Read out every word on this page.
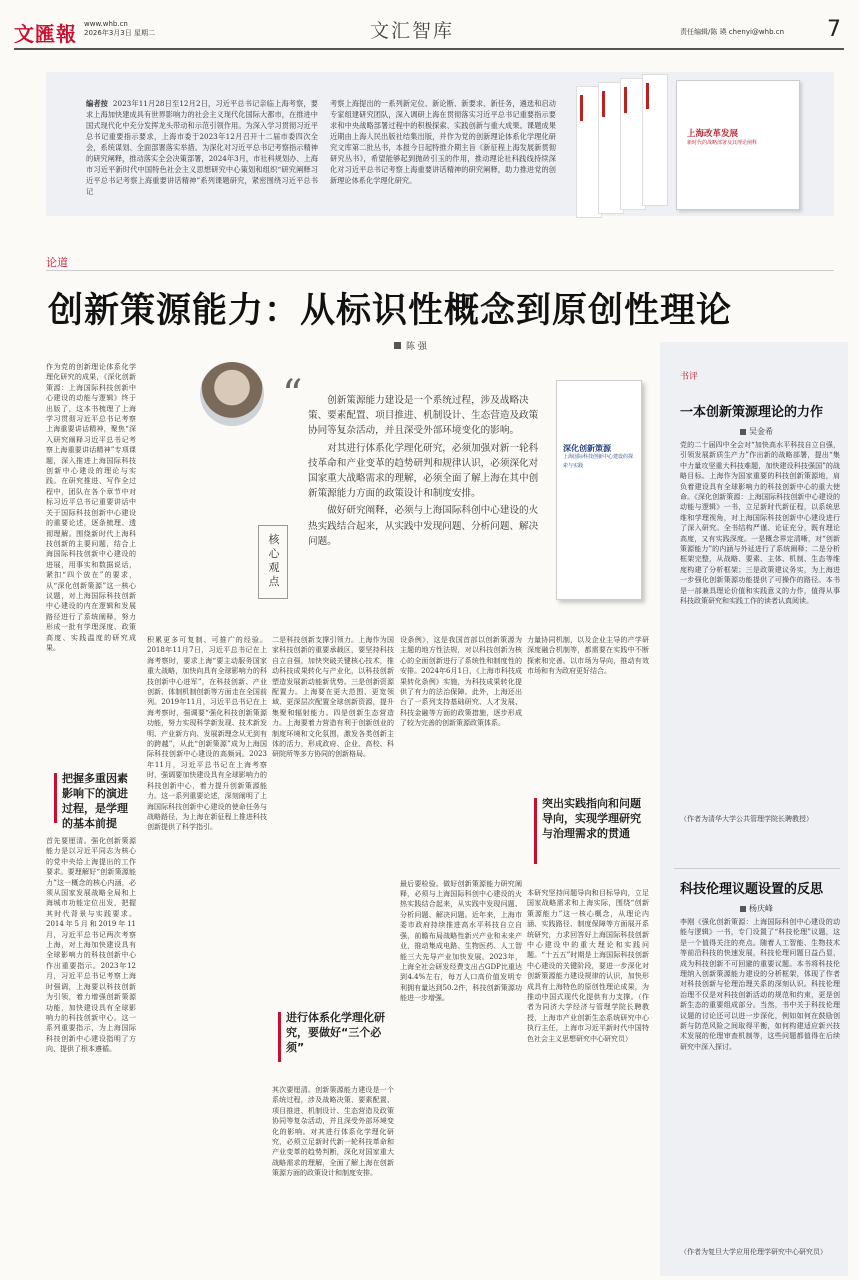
文匯報 www.whb.cn
2026年3月3日 星期二	文汇智库	责任编辑/陈 瑛 chenyi@whb.cn 7
编者按 2023年11月28日至12月2日，习近平总书记亲临上海考察，要求上海加快建成具有世界影响力的社会主义现代化国际大都市，在推进中国式现代化中充分发挥龙头带动和示范引领作用。为深入学习贯彻习近平总书记重要指示要求，上海市委于2023年12月召开十二届市委四次全会，系统谋划、全面部署落实举措。为深化对习近平总书记考察指示精神的研究阐释，推动落实全会决策部署，2024年3月，市社科规划办、上海市习近平新时代中国特色社会主义思想研究中心策划和组织“研究阐释习近平总书记考察上海重要讲话精神”系列课题研究，紧密围绕习近平总书记
考察上海提出的一系列新定位、新论断、新要求、新任务，遴选和启动专家组建研究团队，深入调研上海在贯彻落实习近平总书记重要指示要求和中央战略部署过程中的积极探索、实践创新与重大成果。课题成果近期由上海人民出版社结集出版，并作为党的创新理论体系化学理化研究文库第二批丛书，本报今日起特推介期主旨《新征程上海发展新贯彻研究丛书》，希望能够起到抛砖引玉的作用，推动理论社科践线持续深化对习近平总书记考察上海重要讲话精神的研究阐释，助力推进党的创新理论体系化学理化研究。
上海改革发展
新时代的战略部署及其理论阐释
论道
创新策源能力：从标识性概念到原创性理论
陈 强
核心观点
“	创新策源能力建设是一个系统过程，涉及战略决策、要素配置、项目推进、机制设计、生态营造及政策协同等复杂活动，并且深受外部环境变化的影响。

对其进行体系化学理化研究，必须加强对新一轮科技革命和产业变革的趋势研判和规律认识，必须深化对国家重大战略需求的理解，必须全面了解上海在其中创新策源能力方面的政策设计和制度安排。

做好研究阐释，必须与上海国际科创中心建设的火热实践结合起来，从实践中发现问题、分析问题、解决问题。

深化创新策源
上海国际科技创新中心建设的探索与实践
作为党的创新理论体系化学理化研究的成果，《深化创新策源：上海国际科技创新中心建设的动能与逻辑》终于出版了，这本书梳理了上海学习贯彻习近平总书记考察上海重要讲话精神，聚焦“深入研究阐释习近平总书记考察上海重要讲话精神”专项课题，深入推进上海国际科技创新中心建设的理论与实践。在研究推进、写作全过程中，团队在各个章节中对标习近平总书记重要讲话中关于国际科技创新中心建设的重要论述，逐条梳理、透彻理解。围绕新时代上海科技创新的主要问题，结合上海国际科技创新中心建设的进展，用事实和数据说话，紧扣“四个放在”的要求，从“深化创新策源”这一核心议题，对上海国际科技创新中心建设的内在逻辑和发展路径进行了系统阐释，努力形成一批有学理深度、政策高度、实践温度的研究成果。
把握多重因素影响下的演进过程，是学理的基本前提
首先要厘清。强化创新策源能力是以习近平同志为核心的党中央给上海提出的工作要求。要理解好“创新策源能力”这一概念的核心内涵，必须从国家发展战略全局和上海城市功能定位出发，把握其时代背景与实践要求。2014年5月和2019年11月，习近平总书记两次考察上海，对上海加快建设具有全球影响力的科技创新中心作出重要指示。2023年12月，习近平总书记考察上海时强调，上海要以科技创新为引领，着力增强创新策源功能，加快建设具有全球影响力的科技创新中心。这一系列重要指示，为上海国际科技创新中心建设指明了方向、提供了根本遵循。
积累更多可复制、可推广的经验。2018年11月7日，习近平总书记在上海考察时，要求上海“要主动服务国家重大战略，加快向具有全球影响力的科技创新中心进军”，在科技创新、产业创新、体制机制创新等方面走在全国前列。2019年11月，习近平总书记在上海考察时，强调要“强化科技创新策源功能，努力实现科学新发现、技术新发明、产业新方向、发展新理念从无到有的跨越”，从此“创新策源”成为上海国际科技创新中心建设的高频词。2023年11月，习近平总书记在上海考察时，强调要加快建设具有全球影响力的科技创新中心，着力提升创新策源能力。这一系列重要论述，深刻阐明了上海国际科技创新中心建设的使命任务与战略路径，为上海在新征程上推进科技创新提供了科学指引。
二是科技创新支撑引领力。上海作为国家科技创新的重要承载区，要坚持科技自立自强，加快突破关键核心技术，推动科技成果转化与产业化，以科技创新塑造发展新动能新优势。三是创新资源配置力。上海要在更大范围、更宽领域、更深层次配置全球创新资源，提升集聚和辐射能力。四是创新生态营造力。上海要着力营造有利于创新创业的制度环境和文化氛围，激发各类创新主体的活力，形成政府、企业、高校、科研院所等多方协同的创新格局。
进行体系化学理化研究，要做好“三个必须”
其次要厘清。创新策源能力建设是一个系统过程，涉及战略决策、要素配置、项目推进、机制设计、生态营造及政策协同等复杂活动，并且深受外部环境变化的影响。对其进行体系化学理化研究，必须立足新时代新一轮科技革命和产业变革的趋势判断，深化对国家重大战略需求的理解，全面了解上海在创新策源方面的政策设计和制度安排。
设条例》，这是我国首部以创新策源为主题的地方性法规，对以科技创新为核心的全面创新进行了系统性和制度性的安排。2024年6月1日，《上海市科技成果转化条例》实施，为科技成果转化提供了有力的法治保障。此外，上海还出台了一系列支持基础研究、人才发展、科技金融等方面的政策措施，逐步形成了较为完善的创新策源政策体系。
最后要检验。做好创新策源能力研究阐释，必须与上海国际科创中心建设的火热实践结合起来，从实践中发现问题、分析问题、解决问题。近年来，上海市委市政府持续推进高水平科技自立自强，前瞻布局战略性新兴产业和未来产业，推动集成电路、生物医药、人工智能三大先导产业加快发展。2023年，上海全社会研发经费支出占GDP比重达到4.4%左右，每万人口高价值发明专利拥有量达到50.2件，科技创新策源功能进一步增强。
突出实践指向和问题导向，实现学理研究与治理需求的贯通
力量协同机制，以及企业主导的产学研深度融合机制等，都需要在实践中不断探索和完善。以市场为导向，推动有效市场和有为政府更好结合。
本研究坚持问题导向和目标导向，立足国家战略需求和上海实际，围绕“创新策源能力”这一核心概念，从理论内涵、实践路径、制度保障等方面展开系统研究，力求回答好上海国际科技创新中心建设中的重大理论和实践问题。“十五五”时期是上海国际科技创新中心建设的关键阶段，要进一步深化对创新策源能力建设规律的认识，加快形成具有上海特色的原创性理论成果，为推动中国式现代化提供有力支撑。（作者为同济大学经济与管理学院长聘教授，上海市产业创新生态系统研究中心执行主任，上海市习近平新时代中国特色社会主义思想研究中心研究员）
书评
一本创新策源理论的力作
吴金希
党的二十届四中全会对“加快高水平科技自立自强，引领发展新质生产力”作出新的战略部署，提出“集中力量攻坚重大科技难题，加快建设科技强国”的战略目标。上海作为国家重要的科技创新策源地，肩负着建设具有全球影响力的科技创新中心的重大使命。《深化创新策源：上海国际科技创新中心建设的动能与逻辑》一书，立足新时代新征程，以系统思维和学理视角，对上海国际科技创新中心建设进行了深入研究。全书结构严谨、论证充分，既有理论高度，又有实践深度。一是概念界定清晰，对“创新策源能力”的内涵与外延进行了系统阐释；二是分析框架完整，从战略、要素、主体、机制、生态等维度构建了分析框架；三是政策建议务实，为上海进一步强化创新策源功能提供了可操作的路径。本书是一部兼具理论价值和实践意义的力作，值得从事科技政策研究和实践工作的读者认真阅读。
（作者为清华大学公共管理学院长聘教授）
科技伦理议题设置的反思
杨庆峰
李刚《强化创新策源：上海国际科创中心建设的动能与逻辑》一书，专门设置了“科技伦理”议题，这是一个值得关注的亮点。随着人工智能、生物技术等前沿科技的快速发展，科技伦理问题日益凸显，成为科技创新不可回避的重要议题。本书将科技伦理纳入创新策源能力建设的分析框架，体现了作者对科技创新与伦理治理关系的深刻认识。科技伦理治理不仅是对科技创新活动的规范和约束，更是创新生态的重要组成部分。当然，书中关于科技伦理议题的讨论还可以进一步深化，例如如何在鼓励创新与防范风险之间取得平衡，如何构建适应新兴技术发展的伦理审查机制等，这些问题都值得在后续研究中深入探讨。
（作者为复旦大学应用伦理学研究中心研究员）
